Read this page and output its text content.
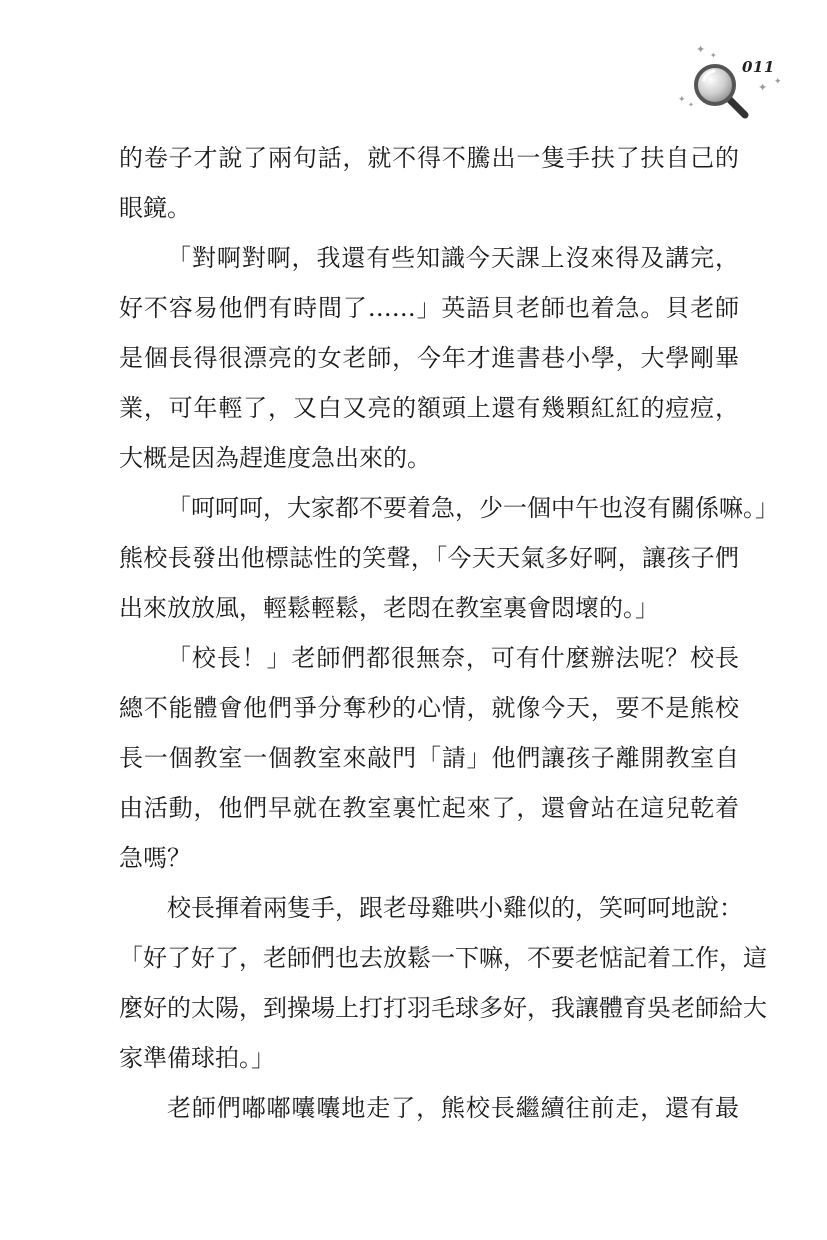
✦ ✦
✦ ✦
✦ ✦
011
的卷子才說了兩句話，就不得不騰出一隻手扶了扶自己的
眼鏡。
「對啊對啊，我還有些知識今天課上沒來得及講完，
好不容易他們有時間了……」英語貝老師也着急。貝老師
是個長得很漂亮的女老師，今年才進書巷小學，大學剛畢
業，可年輕了，又白又亮的額頭上還有幾顆紅紅的痘痘，
大概是因為趕進度急出來的。
「呵呵呵，大家都不要着急，少一個中午也沒有關係嘛。」
熊校長發出他標誌性的笑聲，「今天天氣多好啊，讓孩子們
出來放放風，輕鬆輕鬆，老悶在教室裏會悶壞的。」
「校長！」老師們都很無奈，可有什麼辦法呢？校長
總不能體會他們爭分奪秒的心情，就像今天，要不是熊校
長一個教室一個教室來敲門「請」他們讓孩子離開教室自
由活動，他們早就在教室裏忙起來了，還會站在這兒乾着
急嗎？
校長揮着兩隻手，跟老母雞哄小雞似的，笑呵呵地說：
「好了好了，老師們也去放鬆一下嘛，不要老惦記着工作，這
麼好的太陽，到操場上打打羽毛球多好，我讓體育吳老師給大
家準備球拍。」
老師們嘟嘟囔囔地走了，熊校長繼續往前走，還有最
